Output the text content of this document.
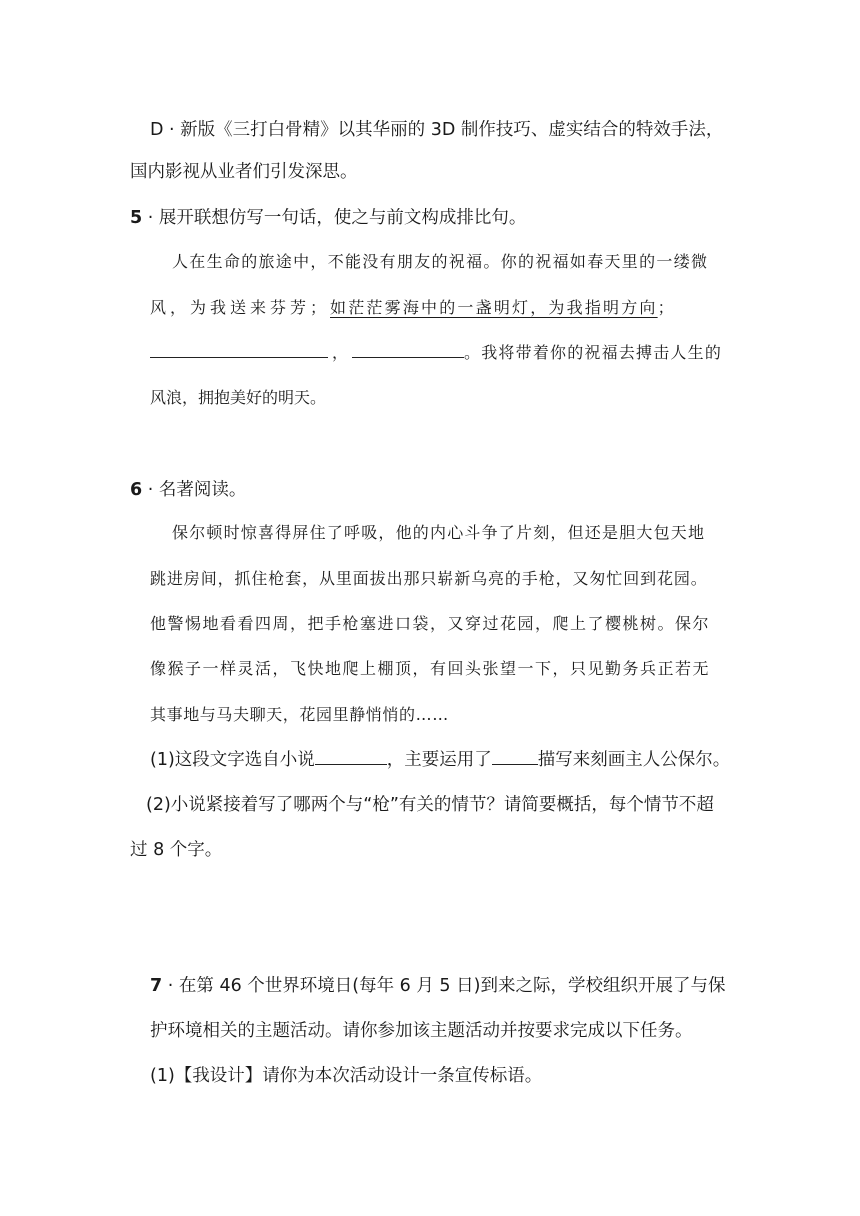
D · 新版《三打白骨精》以其华丽的 3D 制作技巧、虚实结合的特效手法，
国内影视从业者们引发深思。
5 · 展开联想仿写一句话，使之与前文构成排比句。
人在生命的旅途中，不能没有朋友的祝福。你的祝福如春天里的一缕微
风，为我送来芬芳；如茫茫雾海中的一盏明灯，为我指明方向；
，	。我将带着你的祝福去搏击人生的
风浪，拥抱美好的明天。
6 · 名著阅读。
保尔顿时惊喜得屏住了呼吸，他的内心斗争了片刻，但还是胆大包天地
跳进房间，抓住枪套，从里面拔出那只崭新乌亮的手枪，又匆忙回到花园。
他警惕地看看四周，把手枪塞进口袋，又穿过花园，爬上了樱桃树。保尔
像猴子一样灵活，飞快地爬上棚顶，有回头张望一下，只见勤务兵正若无
其事地与马夫聊天，花园里静悄悄的……
(1)这段文字选自小说	，主要运用了	描写来刻画主人公保尔。
(2)小说紧接着写了哪两个与“枪”有关的情节？请简要概括，每个情节不超
过 8 个字。
7 · 在第 46 个世界环境日(每年 6 月 5 日)到来之际，学校组织开展了与保
护环境相关的主题活动。请你参加该主题活动并按要求完成以下任务。
(1)【我设计】请你为本次活动设计一条宣传标语。
